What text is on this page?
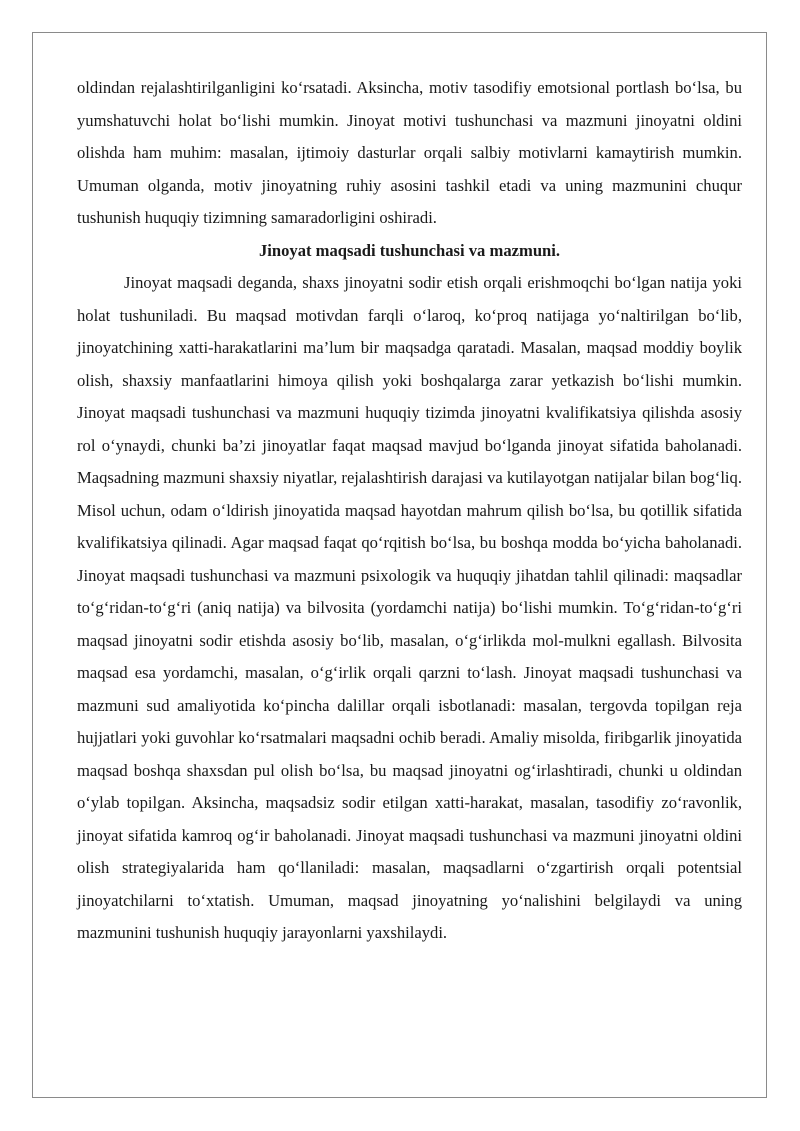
oldindan rejalashtirilganligini ko‘rsatadi. Aksincha, motiv tasodifiy emotsional portlash bo‘lsa, bu yumshatuvchi holat bo‘lishi mumkin. Jinoyat motivi tushunchasi va mazmuni jinoyatni oldini olishda ham muhim: masalan, ijtimoiy dasturlar orqali salbiy motivlarni kamaytirish mumkin. Umuman olganda, motiv jinoyatning ruhiy asosini tashkil etadi va uning mazmunini chuqur tushunish huquqiy tizimning samaradorligini oshiradi.

Jinoyat maqsadi tushunchasi va mazmuni.

Jinoyat maqsadi deganda, shaxs jinoyatni sodir etish orqali erishmoqchi bo‘lgan natija yoki holat tushuniladi. Bu maqsad motivdan farqli o‘laroq, ko‘proq natijaga yo‘naltirilgan bo‘lib, jinoyatchining xatti-harakatlarini ma’lum bir maqsadga qaratadi. Masalan, maqsad moddiy boylik olish, shaxsiy manfaatlarini himoya qilish yoki boshqalarga zarar yetkazish bo‘lishi mumkin. Jinoyat maqsadi tushunchasi va mazmuni huquqiy tizimda jinoyatni kvalifikatsiya qilishda asosiy rol o‘ynaydi, chunki ba’zi jinoyatlar faqat maqsad mavjud bo‘lganda jinoyat sifatida baholanadi. Maqsadning mazmuni shaxsiy niyatlar, rejalashtirish darajasi va kutilayotgan natijalar bilan bog‘liq. Misol uchun, odam o‘ldirish jinoyatida maqsad hayotdan mahrum qilish bo‘lsa, bu qotillik sifatida kvalifikatsiya qilinadi. Agar maqsad faqat qo‘rqitish bo‘lsa, bu boshqa modda bo‘yicha baholanadi. Jinoyat maqsadi tushunchasi va mazmuni psixologik va huquqiy jihatdan tahlil qilinadi: maqsadlar to‘g‘ridan-to‘g‘ri (aniq natija) va bilvosita (yordamchi natija) bo‘lishi mumkin. To‘g‘ridan-to‘g‘ri maqsad jinoyatni sodir etishda asosiy bo‘lib, masalan, o‘g‘irlikda mol-mulkni egallash. Bilvosita maqsad esa yordamchi, masalan, o‘g‘irlik orqali qarzni to‘lash. Jinoyat maqsadi tushunchasi va mazmuni sud amaliyotida ko‘pincha dalillar orqali isbotlanadi: masalan, tergovda topilgan reja hujjatlari yoki guvohlar ko‘rsatmalari maqsadni ochib beradi. Amaliy misolda, firibgarlik jinoyatida maqsad boshqa shaxsdan pul olish bo‘lsa, bu maqsad jinoyatni og‘irlashtiradi, chunki u oldindan o‘ylab topilgan. Aksincha, maqsadsiz sodir etilgan xatti-harakat, masalan, tasodifiy zo‘ravonlik, jinoyat sifatida kamroq og‘ir baholanadi. Jinoyat maqsadi tushunchasi va mazmuni jinoyatni oldini olish strategiyalarida ham qo‘llaniladi: masalan, maqsadlarni o‘zgartirish orqali potentsial jinoyatchilarni to‘xtatish. Umuman, maqsad jinoyatning yo‘nalishini belgilaydi va uning mazmunini tushunish huquqiy jarayonlarni yaxshilaydi.
